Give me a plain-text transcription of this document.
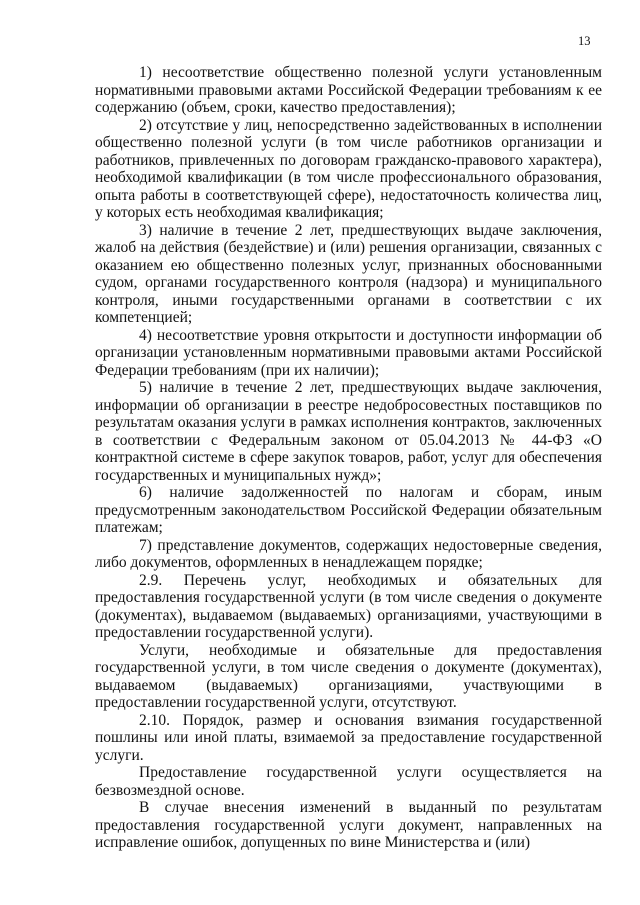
13

1) несоответствие общественно полезной услуги установленным нормативными правовыми актами Российской Федерации требованиям к ее содержанию (объем, сроки, качество предоставления);

2) отсутствие у лиц, непосредственно задействованных в исполнении общественно полезной услуги (в том числе работников организации и работников, привлеченных по договорам гражданско-правового характера), необходимой квалификации (в том числе профессионального образования, опыта работы в соответствующей сфере), недостаточность количества лиц, у которых есть необходимая квалификация;

3) наличие в течение 2 лет, предшествующих выдаче заключения, жалоб на действия (бездействие) и (или) решения организации, связанных с оказанием ею общественно полезных услуг, признанных обоснованными судом, органами государственного контроля (надзора) и муниципального контроля, иными государственными органами в соответствии с их компетенцией;

4) несоответствие уровня открытости и доступности информации об организации установленным нормативными правовыми актами Российской Федерации требованиям (при их наличии);

5) наличие в течение 2 лет, предшествующих выдаче заключения, информации об организации в реестре недобросовестных поставщиков по результатам оказания услуги в рамках исполнения контрактов, заключенных в соответствии с Федеральным законом от 05.04.2013 № 44-ФЗ «О контрактной системе в сфере закупок товаров, работ, услуг для обеспечения государственных и муниципальных нужд»;

6) наличие задолженностей по налогам и сборам, иным предусмотренным законодательством Российской Федерации обязательным платежам;

7) представление документов, содержащих недостоверные сведения, либо документов, оформленных в ненадлежащем порядке;

2.9. Перечень услуг, необходимых и обязательных для предоставления государственной услуги (в том числе сведения о документе (документах), выдаваемом (выдаваемых) организациями, участвующими в предоставлении государственной услуги).

Услуги, необходимые и обязательные для предоставления государственной услуги, в том числе сведения о документе (документах), выдаваемом (выдаваемых) организациями, участвующими в предоставлении государственной услуги, отсутствуют.

2.10. Порядок, размер и основания взимания государственной пошлины или иной платы, взимаемой за предоставление государственной услуги.

Предоставление государственной услуги осуществляется на безвозмездной основе.

В случае внесения изменений в выданный по результатам предоставления государственной услуги документ, направленных на исправление ошибок, допущенных по вине Министерства и (или)
